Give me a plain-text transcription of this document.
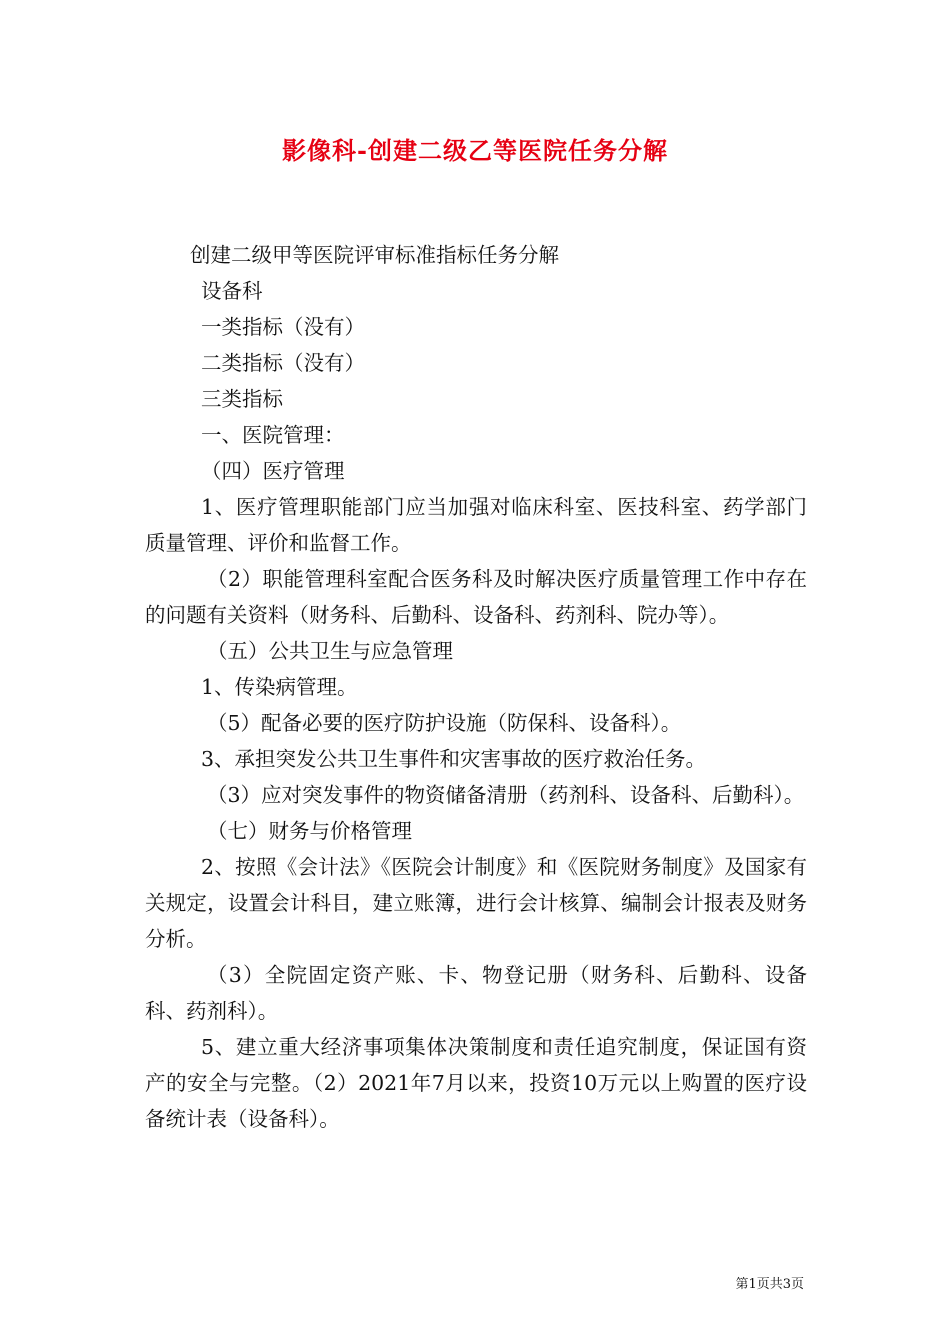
影像科-创建二级乙等医院任务分解

创建二级甲等医院评审标准指标任务分解

设备科

一类指标（没有）

二类指标（没有）

三类指标

一、医院管理：

（四）医疗管理

1、医疗管理职能部门应当加强对临床科室、医技科室、药学部门质量管理、评价和监督工作。

（2）职能管理科室配合医务科及时解决医疗质量管理工作中存在的问题有关资料（财务科、后勤科、设备科、药剂科、院办等）。

（五）公共卫生与应急管理

1、传染病管理。

（5）配备必要的医疗防护设施（防保科、设备科）。

3、承担突发公共卫生事件和灾害事故的医疗救治任务。

（3）应对突发事件的物资储备清册（药剂科、设备科、后勤科）。

（七）财务与价格管理

2、按照《会计法》《医院会计制度》和《医院财务制度》及国家有关规定，设置会计科目，建立账簿，进行会计核算、编制会计报表及财务分析。

（3）全院固定资产账、卡、物登记册（财务科、后勤科、设备科、药剂科）。

5、建立重大经济事项集体决策制度和责任追究制度，保证国有资产的安全与完整。（2）2021年7月以来，投资10万元以上购置的医疗设备统计表（设备科）。

第1页共3页
